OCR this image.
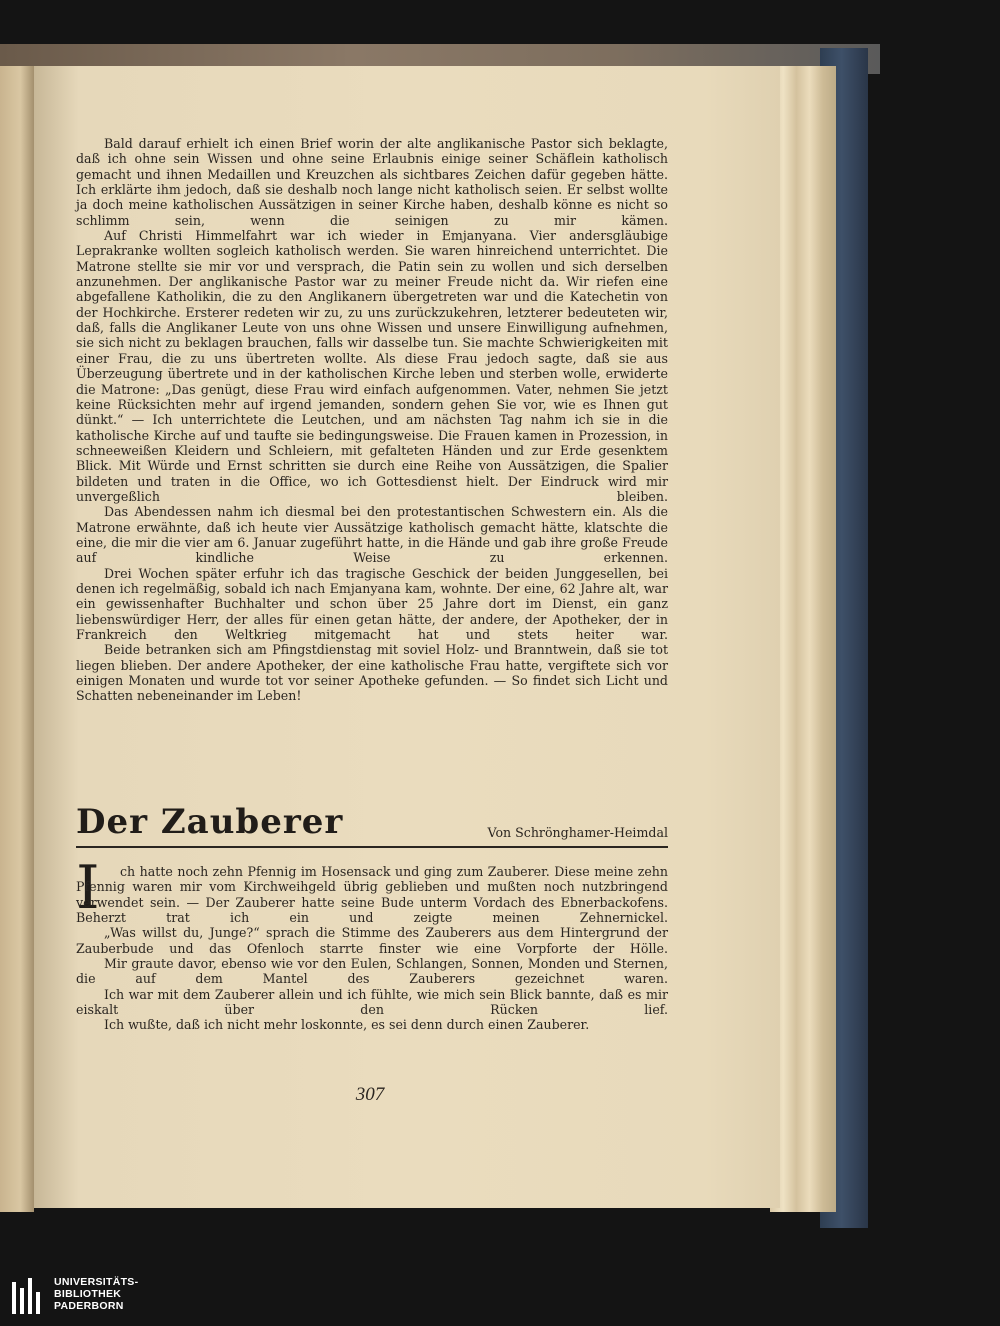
Bald darauf erhielt ich einen Brief worin der alte anglikanische Pastor sich beklagte, daß ich ohne sein Wissen und ohne seine Erlaubnis einige seiner Schäflein katholisch gemacht und ihnen Medaillen und Kreuzchen als sichtbares Zeichen dafür gegeben hätte. Ich erklärte ihm jedoch, daß sie deshalb noch lange nicht katholisch seien. Er selbst wollte ja doch meine katholischen Aussätzigen in seiner Kirche haben, deshalb könne es nicht so schlimm sein, wenn die seinigen zu mir kämen.

Auf Christi Himmelfahrt war ich wieder in Emjanyana. Vier andersgläubige Leprakranke wollten sogleich katholisch werden. Sie waren hinreichend unterrichtet. Die Matrone stellte sie mir vor und versprach, die Patin sein zu wollen und sich derselben anzunehmen. Der anglikanische Pastor war zu meiner Freude nicht da. Wir riefen eine abgefallene Katholikin, die zu den Anglikanern übergetreten war und die Katechetin von der Hochkirche. Ersterer redeten wir zu, zu uns zurückzukehren, letzterer bedeuteten wir, daß, falls die Anglikaner Leute von uns ohne Wissen und unsere Einwilligung aufnehmen, sie sich nicht zu beklagen brauchen, falls wir dasselbe tun. Sie machte Schwierigkeiten mit einer Frau, die zu uns übertreten wollte. Als diese Frau jedoch sagte, daß sie aus Überzeugung übertrete und in der katholischen Kirche leben und sterben wolle, erwiderte die Matrone: „Das genügt, diese Frau wird einfach aufgenommen. Vater, nehmen Sie jetzt keine Rücksichten mehr auf irgend jemanden, sondern gehen Sie vor, wie es Ihnen gut dünkt.“ — Ich unterrichtete die Leutchen, und am nächsten Tag nahm ich sie in die katholische Kirche auf und taufte sie bedingungsweise. Die Frauen kamen in Prozession, in schneeweißen Kleidern und Schleiern, mit gefalteten Händen und zur Erde gesenktem Blick. Mit Würde und Ernst schritten sie durch eine Reihe von Aussätzigen, die Spalier bildeten und traten in die Office, wo ich Gottesdienst hielt. Der Eindruck wird mir unvergeßlich bleiben.

Das Abendessen nahm ich diesmal bei den protestantischen Schwestern ein. Als die Matrone erwähnte, daß ich heute vier Aussätzige katholisch gemacht hätte, klatschte die eine, die mir die vier am 6. Januar zugeführt hatte, in die Hände und gab ihre große Freude auf kindliche Weise zu erkennen.

Drei Wochen später erfuhr ich das tragische Geschick der beiden Junggesellen, bei denen ich regelmäßig, sobald ich nach Emjanyana kam, wohnte. Der eine, 62 Jahre alt, war ein gewissenhafter Buchhalter und schon über 25 Jahre dort im Dienst, ein ganz liebenswürdiger Herr, der alles für einen getan hätte, der andere, der Apotheker, der in Frankreich den Weltkrieg mitgemacht hat und stets heiter war.

Beide betranken sich am Pfingstdienstag mit soviel Holz- und Branntwein, daß sie tot liegen blieben. Der andere Apotheker, der eine katholische Frau hatte, vergiftete sich vor einigen Monaten und wurde tot vor seiner Apotheke gefunden. — So findet sich Licht und Schatten nebeneinander im Leben!

Der Zauberer	Von Schrönghamer-Heimdal
I	ch hatte noch zehn Pfennig im Hosensack und ging zum Zauberer. Diese meine zehn Pfennig waren mir vom Kirchweihgeld übrig geblieben und mußten noch nutzbringend verwendet sein. — Der Zauberer hatte seine Bude unterm Vordach des Ebnerbackofens. Beherzt trat ich ein und zeigte meinen Zehnernickel.

„Was willst du, Junge?“ sprach die Stimme des Zauberers aus dem Hintergrund der Zauberbude und das Ofenloch starrte finster wie eine Vorpforte der Hölle.

Mir graute davor, ebenso wie vor den Eulen, Schlangen, Sonnen, Monden und Sternen, die auf dem Mantel des Zauberers gezeichnet waren.

Ich war mit dem Zauberer allein und ich fühlte, wie mich sein Blick bannte, daß es mir eiskalt über den Rücken lief.

Ich wußte, daß ich nicht mehr loskonnte, es sei denn durch einen Zauberer.

307
UNIVERSITÄTS-
BIBLIOTHEK
PADERBORN
